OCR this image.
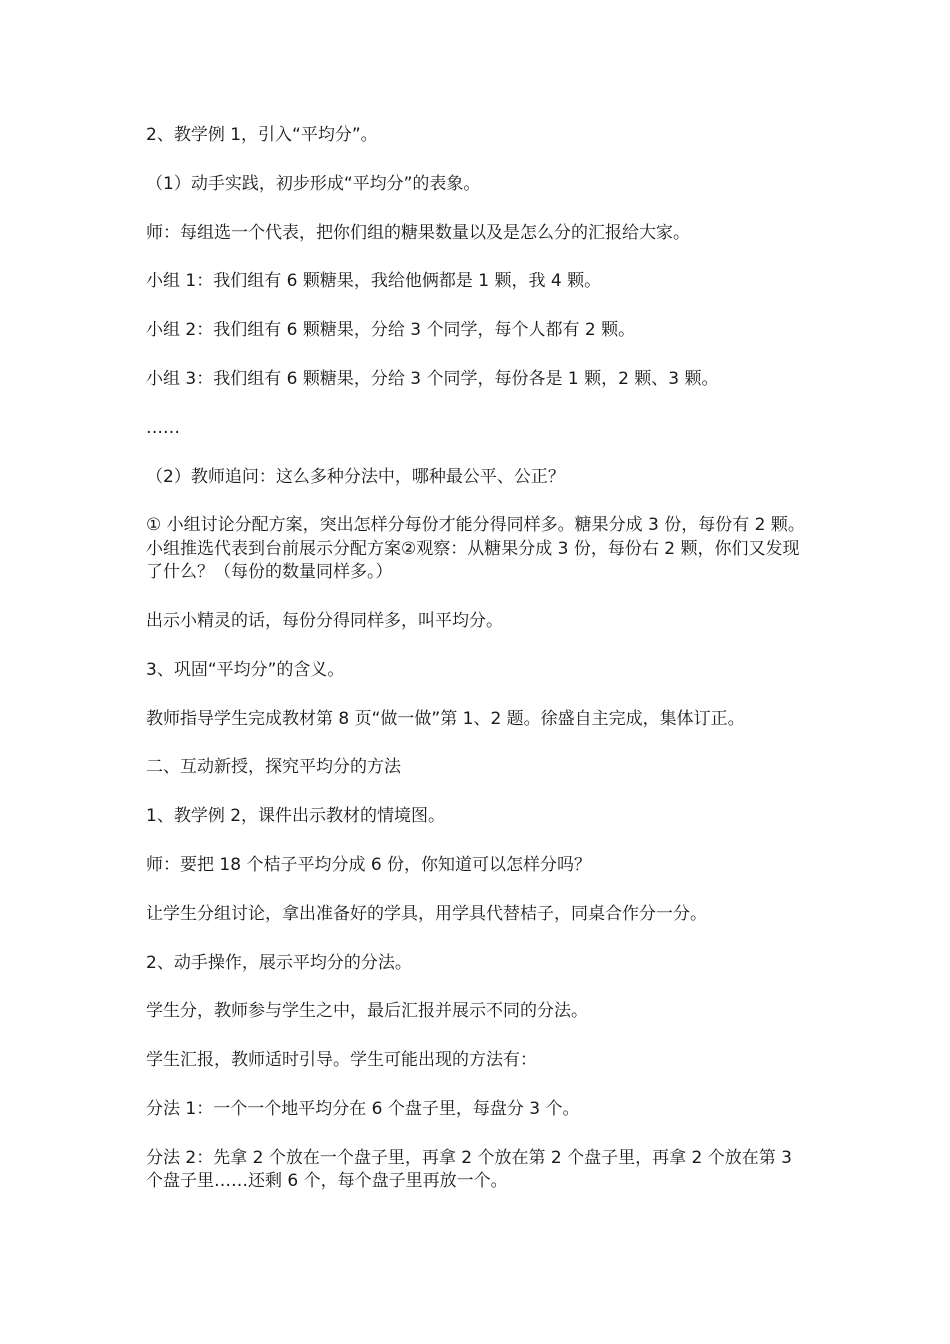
2、教学例 1，引入“平均分”。

（1）动手实践，初步形成“平均分”的表象。

师：每组选一个代表，把你们组的糖果数量以及是怎么分的汇报给大家。

小组 1：我们组有 6 颗糖果，我给他俩都是 1 颗，我 4 颗。

小组 2：我们组有 6 颗糖果，分给 3 个同学，每个人都有 2 颗。

小组 3：我们组有 6 颗糖果，分给 3 个同学，每份各是 1 颗，2 颗、3 颗。

……

（2）教师追问：这么多种分法中，哪种最公平、公正？

① 小组讨论分配方案，突出怎样分每份才能分得同样多。糖果分成 3 份，每份有 2 颗。小组推选代表到台前展示分配方案②观察：从糖果分成 3 份，每份右 2 颗，你们又发现了什么？（每份的数量同样多。）

出示小精灵的话，每份分得同样多，叫平均分。

3、巩固“平均分”的含义。

教师指导学生完成教材第 8 页“做一做”第 1、2 题。徐盛自主完成，集体订正。

二、互动新授，探究平均分的方法

1、教学例 2，课件出示教材的情境图。

师：要把 18 个桔子平均分成 6 份，你知道可以怎样分吗？

让学生分组讨论，拿出准备好的学具，用学具代替桔子，同桌合作分一分。

2、动手操作，展示平均分的分法。

学生分，教师参与学生之中，最后汇报并展示不同的分法。

学生汇报，教师适时引导。学生可能出现的方法有：

分法 1：一个一个地平均分在 6 个盘子里，每盘分 3 个。

分法 2：先拿 2 个放在一个盘子里，再拿 2 个放在第 2 个盘子里，再拿 2 个放在第 3 个盘子里……还剩 6 个，每个盘子里再放一个。
